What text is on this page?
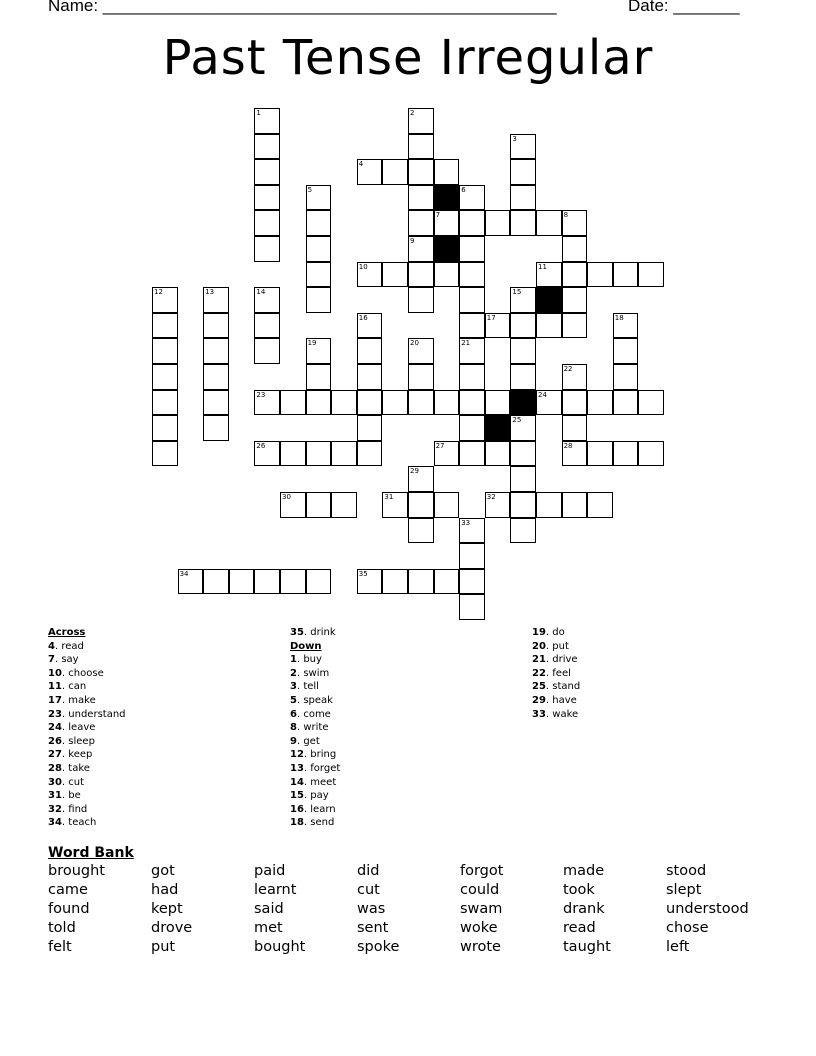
Name: ________________________________________________	Date: _______
Past Tense Irregular
1	2
3
4
5	6
7	8
9
10	11
12	13	14	15
16	17	18
19	20	21
22
23	24
25
26	27	28
29
30	31	32
33
34	35
Across
4. read
7. say
10. choose
11. can
17. make
23. understand
24. leave
26. sleep
27. keep
28. take
30. cut
31. be
32. find
34. teach
35. drink
Down
1. buy
2. swim
3. tell
5. speak
6. come
8. write
9. get
12. bring
13. forget
14. meet
15. pay
16. learn
18. send
19. do
20. put
21. drive
22. feel
25. stand
29. have
33. wake
Word Bank
brought	got	paid	did	forgot	made	stood
came	had	learnt	cut	could	took	slept
found	kept	said	was	swam	drank	understood
told	drove	met	sent	woke	read	chose
felt	put	bought	spoke	wrote	taught	left
